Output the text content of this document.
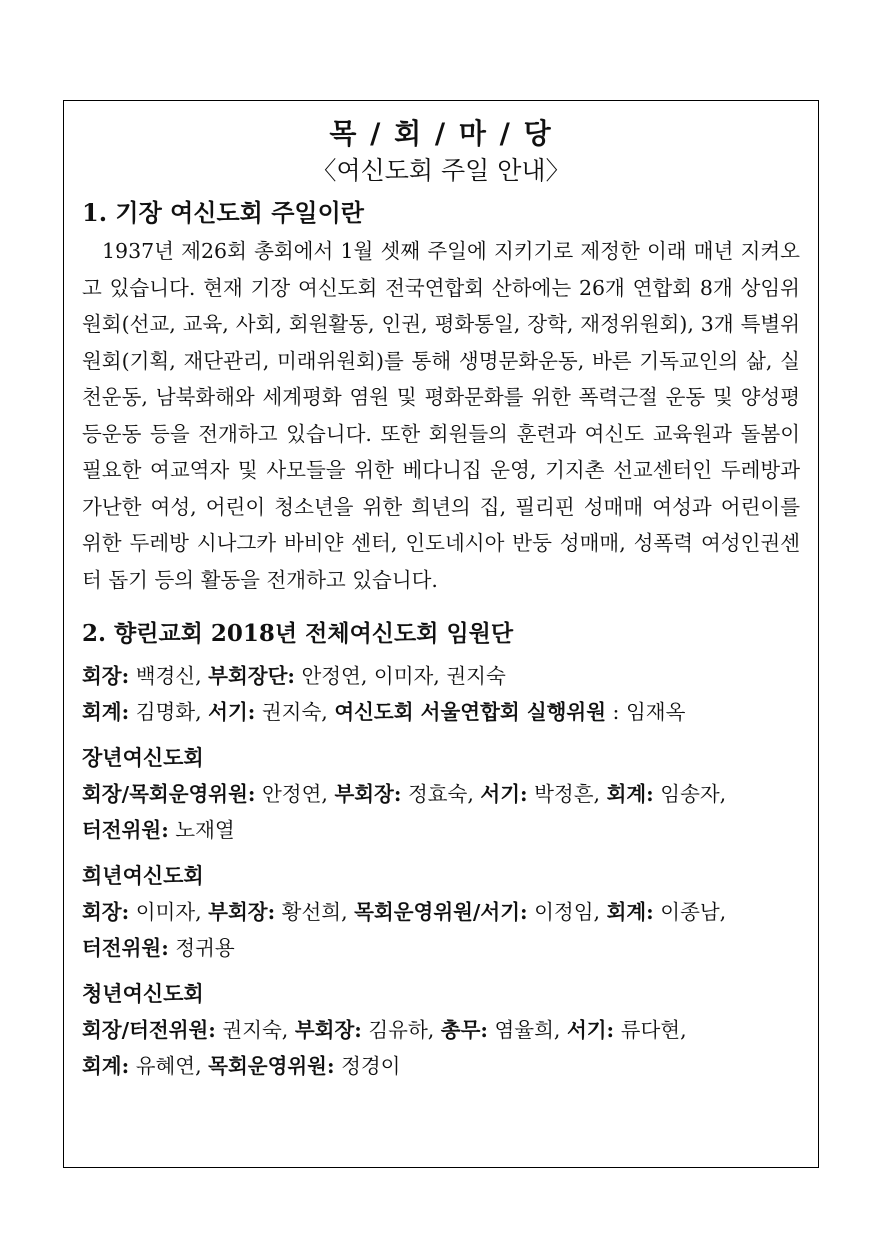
목 / 회 / 마 / 당

〈여신도회 주일 안내〉

1. 기장 여신도회 주일이란

1937년 제26회 총회에서 1월 셋째 주일에 지키기로 제정한 이래 매년 지켜오고 있습니다. 현재 기장 여신도회 전국연합회 산하에는 26개 연합회 8개 상임위원회(선교, 교육, 사회, 회원활동, 인권, 평화통일, 장학, 재정위원회), 3개 특별위원회(기획, 재단관리, 미래위원회)를 통해 생명문화운동, 바른 기독교인의 삶, 실천운동, 남북화해와 세계평화 염원 및 평화문화를 위한 폭력근절 운동 및 양성평등운동 등을 전개하고 있습니다. 또한 회원들의 훈련과 여신도 교육원과 돌봄이 필요한 여교역자 및 사모들을 위한 베다니집 운영, 기지촌 선교센터인 두레방과 가난한 여성, 어린이 청소년을 위한 희년의 집, 필리핀 성매매 여성과 어린이를 위한 두레방 시나그카 바비얀 센터, 인도네시아 반둥 성매매, 성폭력 여성인권센터 돕기 등의 활동을 전개하고 있습니다.

2. 향린교회 2018년 전체여신도회 임원단

회장: 백경신, 부회장단: 안정연, 이미자, 권지숙

회계: 김명화, 서기: 권지숙, 여신도회 서울연합회 실행위원 : 임재옥

장년여신도회

회장/목회운영위원: 안정연, 부회장: 정효숙, 서기: 박정흔, 회계: 임송자,

터전위원: 노재열

희년여신도회

회장: 이미자, 부회장: 황선희, 목회운영위원/서기: 이정임, 회계: 이종남,

터전위원: 정귀용

청년여신도회

회장/터전위원: 권지숙, 부회장: 김유하, 총무: 염율희, 서기: 류다현,

회계: 유혜연, 목회운영위원: 정경이
